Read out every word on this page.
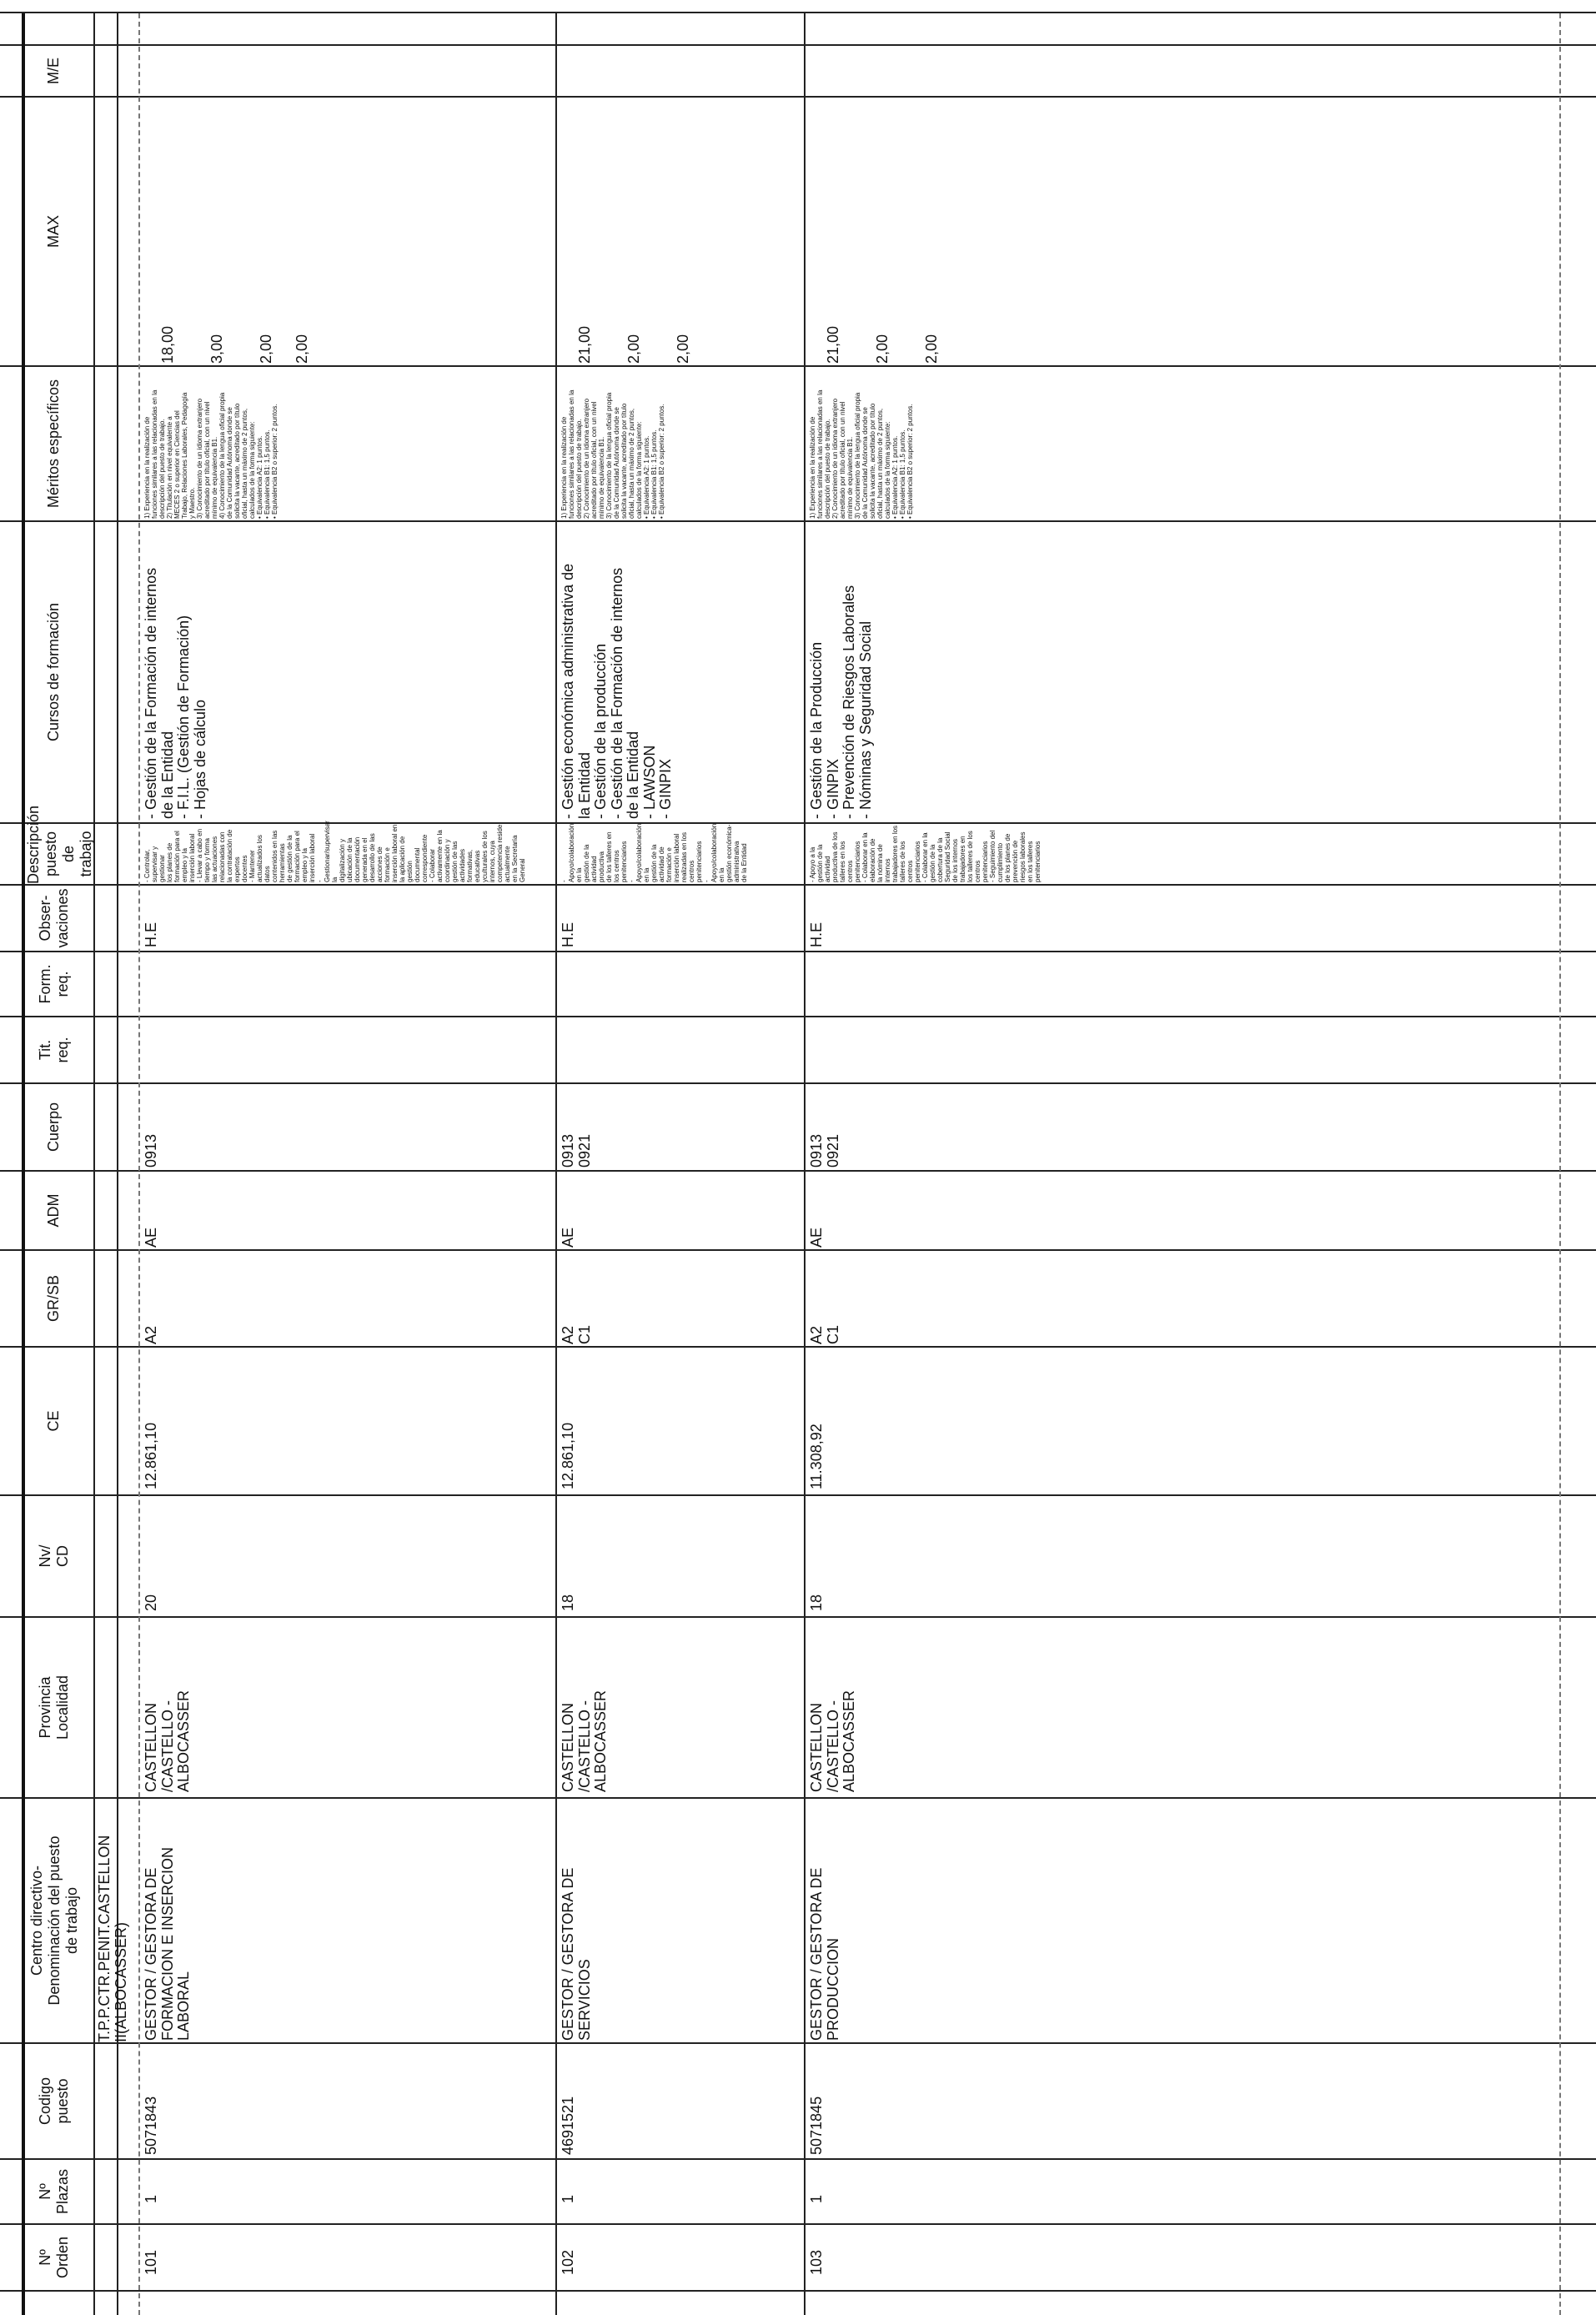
Nº
Orden
Nº
Plazas
Codigo
puesto
Centro directivo-
Denominación del puesto
de trabajo
Provincia
Localidad
Nv/
CD
CE
GR/SB
ADM
Cuerpo
Tit.
req.
Form.
req.
Obser-
vaciones
Descripción puesto de
trabajo
Cursos de formación
Méritos específicos
MAX
M/E
T.P.P.CTR.PENIT.CASTELLON
II(ALBOCASSER)
101
1
5071843
GESTOR / GESTORA DE
FORMACION E INSERCION
LABORAL
CASTELLON
/CASTELLO -
ALBOCASSER
20
12.861,10
A2
AE
0913
H.E
- Controlar, supervisar y gestionar
los planes de formación para el
empleo y la inserción laboral
- Llevar a cabo en tiempo y forma
las actuaciones relacionadas con
la contratación de expertos
docentes
- Mantener actualizados los datos
contenidos en las herramientas
de gestión de la formación para el
empleo y la inserción laboral
- Gestionar/supervisar la
digitalización y ubicación de la
documentación generada en el
desarrollo de las acciones de
formación e inserción laboral en
la aplicación de gestión
documental correspondiente
- Colaborar activamente en la
coordinación y gestión de las
actividades formativas, educativas
yculturales de los internos, cuya
competencia reside actualmente
en la Secretaría General
- Gestión de la Formación de internos
de la Entidad
- F.I.L. (Gestión de Formación)
- Hojas de cálculo
1) Experiencia en la realización de
funciones similares a las relacionadas en la
descripción del puesto de trabajo.
2) Titulación en nivel equivalente a
MECES 2 o superior en Ciencias del
Trabajo, Relaciones Laborales, Pedagogía
y Maestro.
3) Conocimiento de un idioma extranjero
acreditado por título oficial, con un nivel
mínimo de equivalencia B1.
4) Conocimiento de la lengua oficial propia
de la Comunidad Autónoma donde se
solicita la vacante, acreditado por título
oficial, hasta un máximo de 2 puntos,
calculados de la forma siguiente:
• Equivalencia A2: 1 puntos.
• Equivalencia B1: 1,5 puntos.
• Equivalencia B2 o superior: 2 puntos.

18,00 3,00 2,00 2,00

102
1
4691521
GESTOR / GESTORA DE
SERVICIOS
CASTELLON
/CASTELLO -
ALBOCASSER
18
12.861,10
A2
C1
AE
0913
0921
H.E
- Apoyo/colaboración en la
gestión de la actividad productiva
de los talleres en los centros
penitenciarios
- Apoyo/colaboración en la
gestión de la actividad de
formación e inserción laboral
realizadas en los centros
penitenciarios
- Apoyo/colaboración en la
gestión económica-administrativa
de la Entidad
- Gestión económica administrativa de
la Entidad
- Gestión de la producción
- Gestión de la Formación de internos
de la Entidad
- LAWSON
- GINPIX
1) Experiencia en la realización de
funciones similares a las relacionadas en la
descripción del puesto de trabajo.
2) Conocimiento de un idioma extranjero
acreditado por título oficial, con un nivel
mínimo de equivalencia B1.
3) Conocimiento de la lengua oficial propia
de la Comunidad Autónoma donde se
solicita la vacante, acreditado por título
oficial, hasta un máximo de 2 puntos,
calculados de la forma siguiente:
• Equivalencia A2: 1 puntos.
• Equivalencia B1: 1,5 puntos.
• Equivalencia B2 o superior: 2 puntos.

21,00 2,00 2,00

103
1
5071845
GESTOR / GESTORA DE
PRODUCCION
CASTELLON
/CASTELLO -
ALBOCASSER
18
11.308,92
A2
C1
AE
0913
0921
H.E
- Apoyo a la gestión de la
actividad productiva de los
talleres en los centros
penitenciarios
- Colaborar en la elaboración de
la nómina de internos
trabajadores en los talleres de los
centros penitenciarios
- Colaborar en la gestión de la
cobertura de la Seguridad Social
de los internos trabajadores en
los talleres de los centros
penitenciarios
- Seguimiento del cumplimiento
de los planes de prevención de
riesgos laborales en los talleres
penitenciarios
- Gestión de la Producción
- GINPIX
- Prevención de Riesgos Laborales
- Nóminas y Seguridad Social
1) Experiencia en la realización de
funciones similares a las relacionadas en la
descripción del puesto de trabajo.
2) Conocimiento de un idioma extranjero
acreditado por título oficial, con un nivel
mínimo de equivalencia B1.
3) Conocimiento de la lengua oficial propia
de la Comunidad Autónoma donde se
solicita la vacante, acreditado por título
oficial, hasta un máximo de 2 puntos,
calculados de la forma siguiente:
• Equivalencia A2: 1 puntos.
• Equivalencia B1: 1,5 puntos.
• Equivalencia B2 o superior: 2 puntos.

21,00 2,00 2,00
